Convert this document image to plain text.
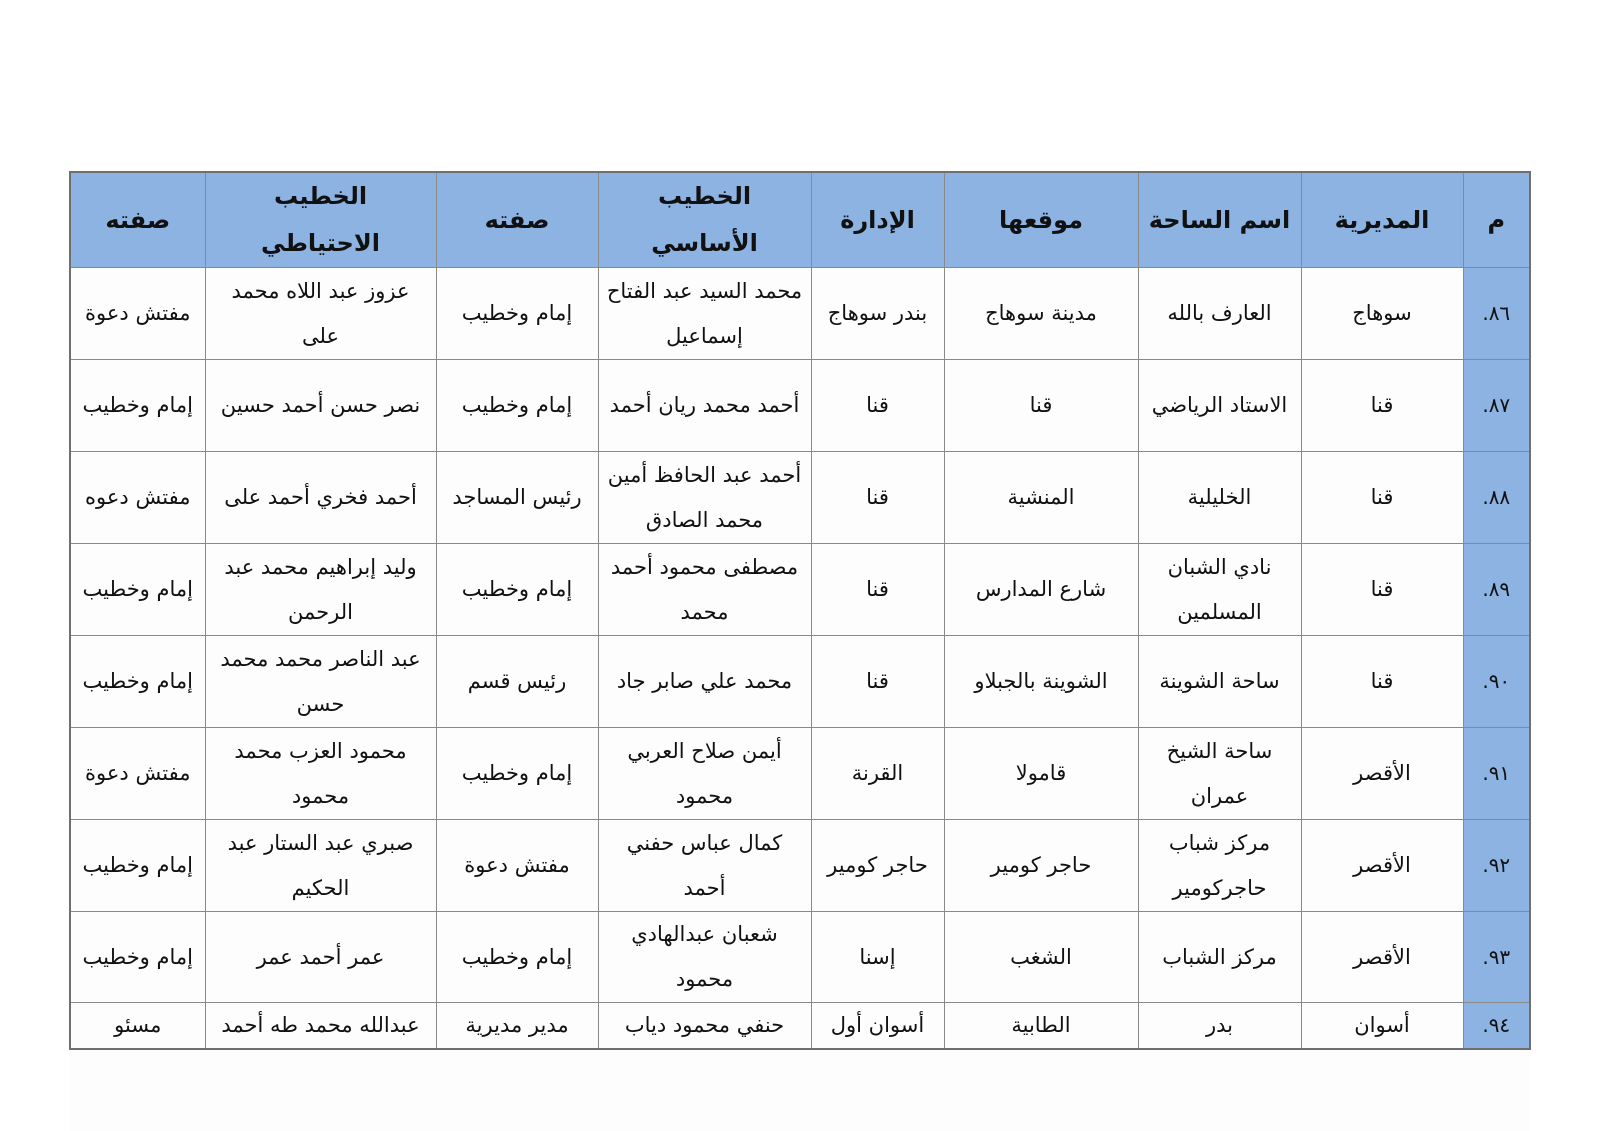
م	المديرية	اسم الساحة	موقعها	الإدارة	الخطيب الأساسي	صفته	الخطيب الاحتياطي	صفته
٨٦.	سوهاج	العارف بالله	مدينة سوهاج	بندر سوهاج	محمد السيد عبد الفتاح إسماعيل	إمام وخطيب	عزوز عبد اللاه محمد على	مفتش دعوة
٨٧.	قنا	الاستاد الرياضي	قنا	قنا	أحمد محمد ريان أحمد	إمام وخطيب	نصر حسن أحمد حسين	إمام وخطيب
٨٨.	قنا	الخليلية	المنشية	قنا	أحمد عبد الحافظ أمين محمد الصادق	رئيس المساجد	أحمد فخري أحمد على	مفتش دعوه
٨٩.	قنا	نادي الشبان المسلمين	شارع المدارس	قنا	مصطفى محمود أحمد محمد	إمام وخطيب	وليد إبراهيم محمد عبد الرحمن	إمام وخطيب
٩٠.	قنا	ساحة الشوينة	الشوينة بالجبلاو	قنا	محمد علي صابر جاد	رئيس قسم	عبد الناصر محمد محمد حسن	إمام وخطيب
٩١.	الأقصر	ساحة الشيخ عمران	قامولا	القرنة	أيمن صلاح العربي محمود	إمام وخطيب	محمود العزب محمد محمود	مفتش دعوة
٩٢.	الأقصر	مركز شباب حاجركومير	حاجر كومير	حاجر كومير	كمال عباس حفني أحمد	مفتش دعوة	صبري عبد الستار عبد الحكيم	إمام وخطيب
٩٣.	الأقصر	مركز الشباب	الشغب	إسنا	شعبان عبدالهادي محمود	إمام وخطيب	عمر أحمد عمر	إمام وخطيب
٩٤.	أسوان	بدر	الطابية	أسوان أول	حنفي محمود دياب	مدير مديرية	عبدالله محمد طه أحمد	مسئو
